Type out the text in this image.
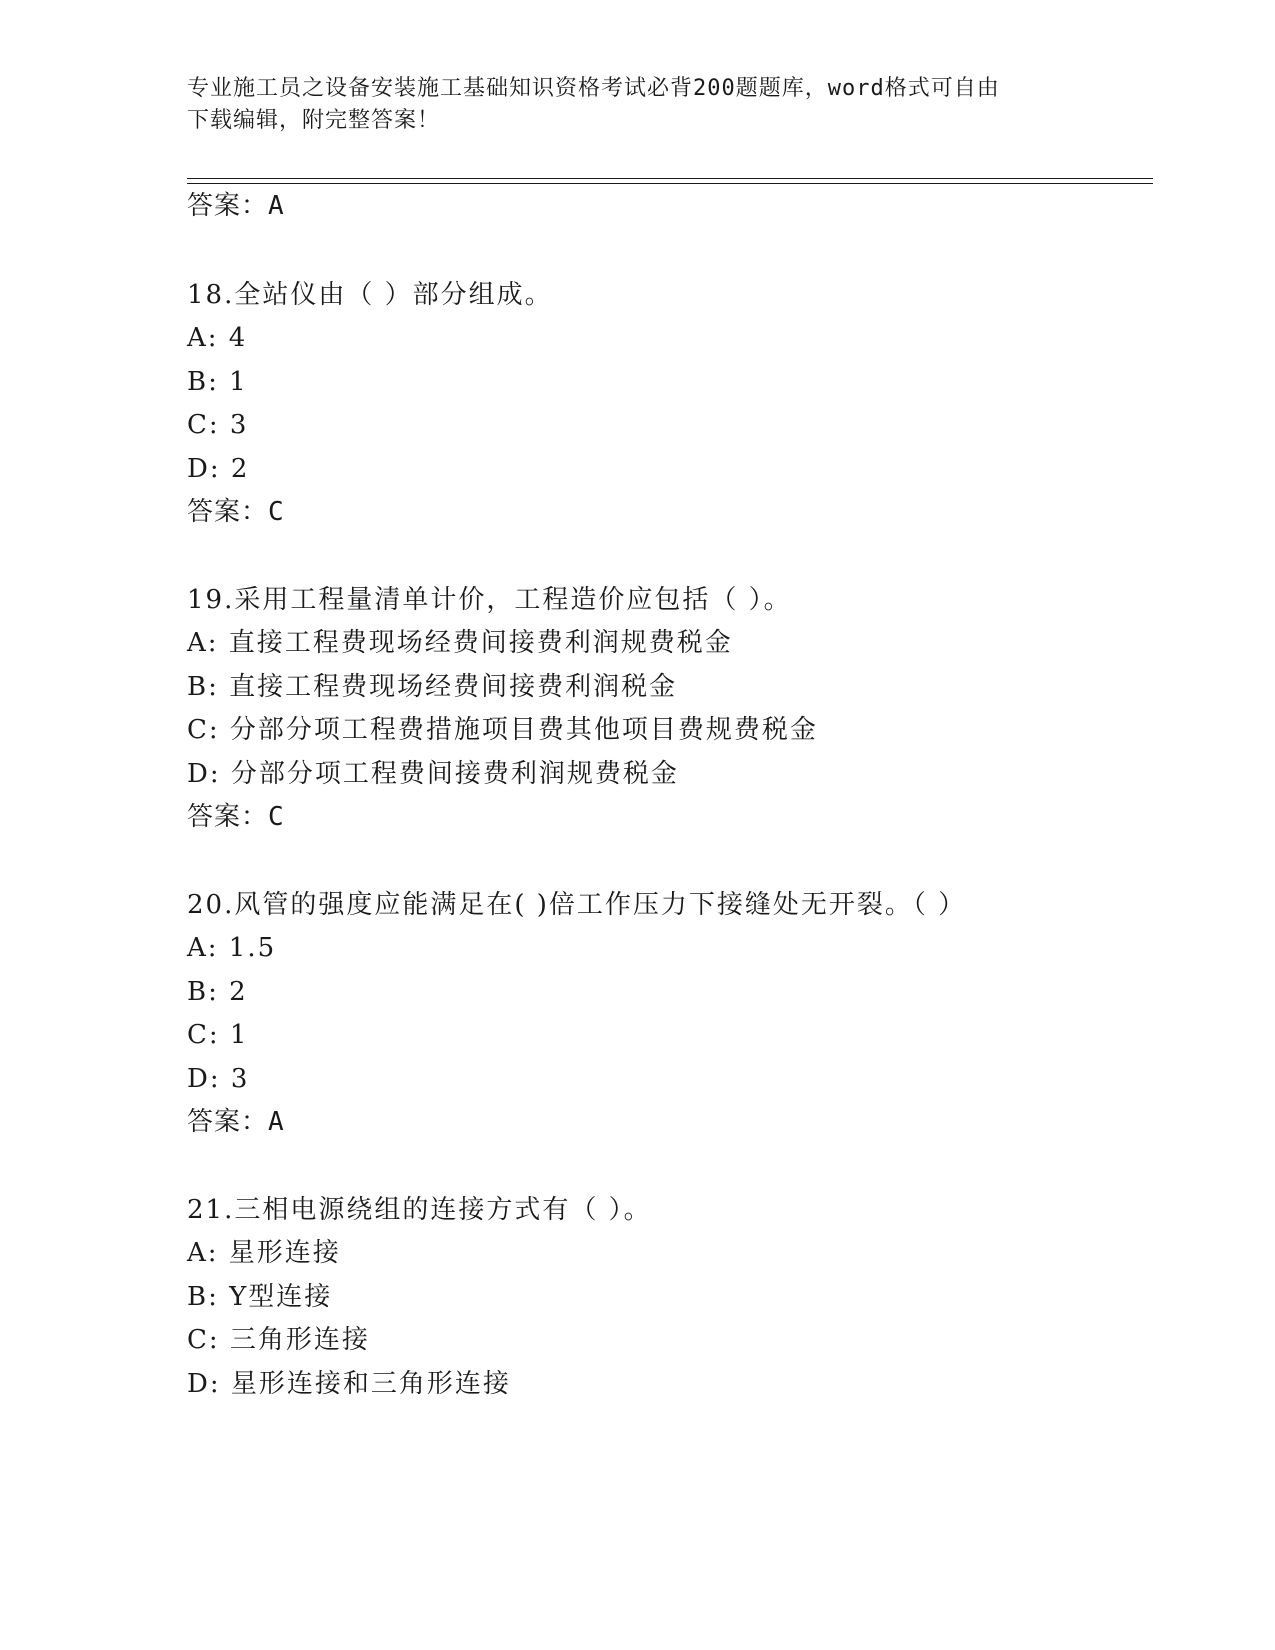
专业施工员之设备安装施工基础知识资格考试必背200题题库，word格式可自由
下载编辑，附完整答案！
答案：A
18.全站仪由（ ）部分组成。
A: 4
B: 1
C: 3
D: 2
答案：C
19.采用工程量清单计价，工程造价应包括（ ）。
A: 直接工程费现场经费间接费利润规费税金
B: 直接工程费现场经费间接费利润税金
C: 分部分项工程费措施项目费其他项目费规费税金
D: 分部分项工程费间接费利润规费税金
答案：C
20.风管的强度应能满足在( )倍工作压力下接缝处无开裂。（ ）
A: 1.5
B: 2
C: 1
D: 3
答案：A
21.三相电源绕组的连接方式有（ ）。
A: 星形连接
B: Y型连接
C: 三角形连接
D: 星形连接和三角形连接
